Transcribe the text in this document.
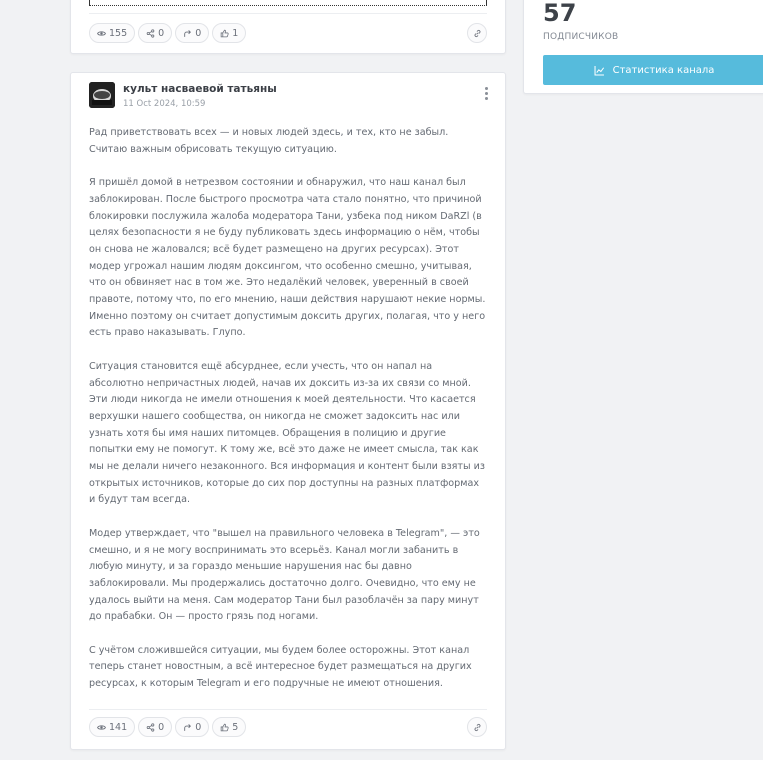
155	0	0	1
культ насваевой татьяны
11 Oct 2024, 10:59

Рад приветствовать всех — и новых людей здесь, и тех, кто не забыл. Считаю важным обрисовать текущую ситуацию.

Я пришёл домой в нетрезвом состоянии и обнаружил, что наш канал был заблокирован. После быстрого просмотра чата стало понятно, что причиной блокировки послужила жалоба модератора Тани, узбека под ником DaRZl (в целях безопасности я не буду публиковать здесь информацию о нём, чтобы он снова не жаловался; всё будет размещено на других ресурсах). Этот модер угрожал нашим людям доксингом, что особенно смешно, учитывая, что он обвиняет нас в том же. Это недалёкий человек, уверенный в своей правоте, потому что, по его мнению, наши действия нарушают некие нормы. Именно поэтому он считает допустимым доксить других, полагая, что у него есть право наказывать. Глупо.

Ситуация становится ещё абсурднее, если учесть, что он напал на абсолютно непричастных людей, начав их доксить из-за их связи со мной. Эти люди никогда не имели отношения к моей деятельности. Что касается верхушки нашего сообщества, он никогда не сможет задоксить нас или узнать хотя бы имя наших питомцев. Обращения в полицию и другие попытки ему не помогут. К тому же, всё это даже не имеет смысла, так как мы не делали ничего незаконного. Вся информация и контент были взяты из открытых источников, которые до сих пор доступны на разных платформах и будут там всегда.

Модер утверждает, что "вышел на правильного человека в Telegram", — это смешно, и я не могу воспринимать это всерьёз. Канал могли забанить в любую минуту, и за гораздо меньшие нарушения нас бы давно заблокировали. Мы продержались достаточно долго. Очевидно, что ему не удалось выйти на меня. Сам модератор Тани был разоблачён за пару минут до прабабки. Он — просто грязь под ногами.

С учётом сложившейся ситуации, мы будем более осторожны. Этот канал теперь станет новостным, а всё интересное будет размещаться на других ресурсах, к которым Telegram и его подручные не имеют отношения.

141	0	0	5
57
ПОДПИСЧИКОВ
Статистика канала
